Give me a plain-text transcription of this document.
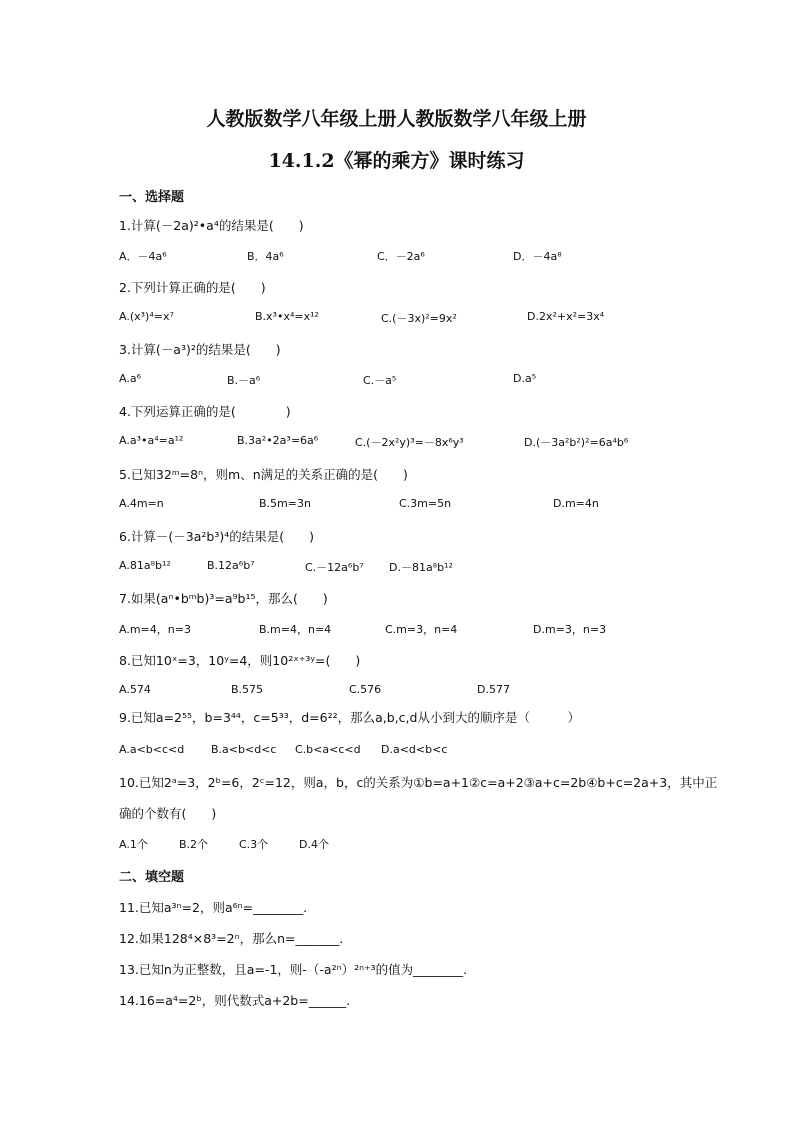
人教版数学八年级上册人教版数学八年级上册
14.1.2《幂的乘方》课时练习
一、选择题
1.计算(－2a)²•a⁴的结果是(　　)
A．－4a⁶	B．4a⁶	C．－2a⁶	D．－4a⁸
2.下列计算正确的是(　　)
A.(x³)⁴=x⁷	B.x³•x⁴=x¹²	C.(－3x)²=9x²	D.2x²+x²=3x⁴
3.计算(－a³)²的结果是(　　)
A.a⁶	B.－a⁶	C.－a⁵	D.a⁵
4.下列运算正确的是(　　　　)
A.a³•a⁴=a¹²	B.3a²•2a³=6a⁶	C.(－2x²y)³=－8x⁶y³	D.(－3a²b²)²=6a⁴b⁶
5.已知32ᵐ=8ⁿ，则m、n满足的关系正确的是(　　)
A.4m=n	B.5m=3n	C.3m=5n	D.m=4n
6.计算－(－3a²b³)⁴的结果是(　　)
A.81a⁸b¹²	B.12a⁶b⁷	C.－12a⁶b⁷ D.－81a⁸b¹²
7.如果(aⁿ•bᵐb)³=a⁹b¹⁵，那么(　　)
A.m=4，n=3	B.m=4，n=4	C.m=3，n=4	D.m=3，n=3
8.已知10ˣ=3，10ʸ=4，则10²ˣ⁺³ʸ=(　　)
A.574	B.575	C.576	D.577
9.已知a=2⁵⁵，b=3⁴⁴，c=5³³，d=6²²，那么a,b,c,d从小到大的顺序是（　　　）
A.a<b<c<d B.a<b<d<c C.b<a<c<d D.a<d<b<c
10.已知2ᵃ=3，2ᵇ=6，2ᶜ=12，则a，b，c的关系为①b=a+1②c=a+2③a+c=2b④b+c=2a+3，其中正
确的个数有(　　)
A.1个	B.2个	C.3个	D.4个
二、填空题
11.已知a³ⁿ=2，则a⁶ⁿ=________.
12.如果128⁴×8³=2ⁿ，那么n=_______.
13.已知n为正整数，且a=-1，则-（-a²ⁿ）²ⁿ⁺³的值为________.
14.16=a⁴=2ᵇ，则代数式a+2b=______.
